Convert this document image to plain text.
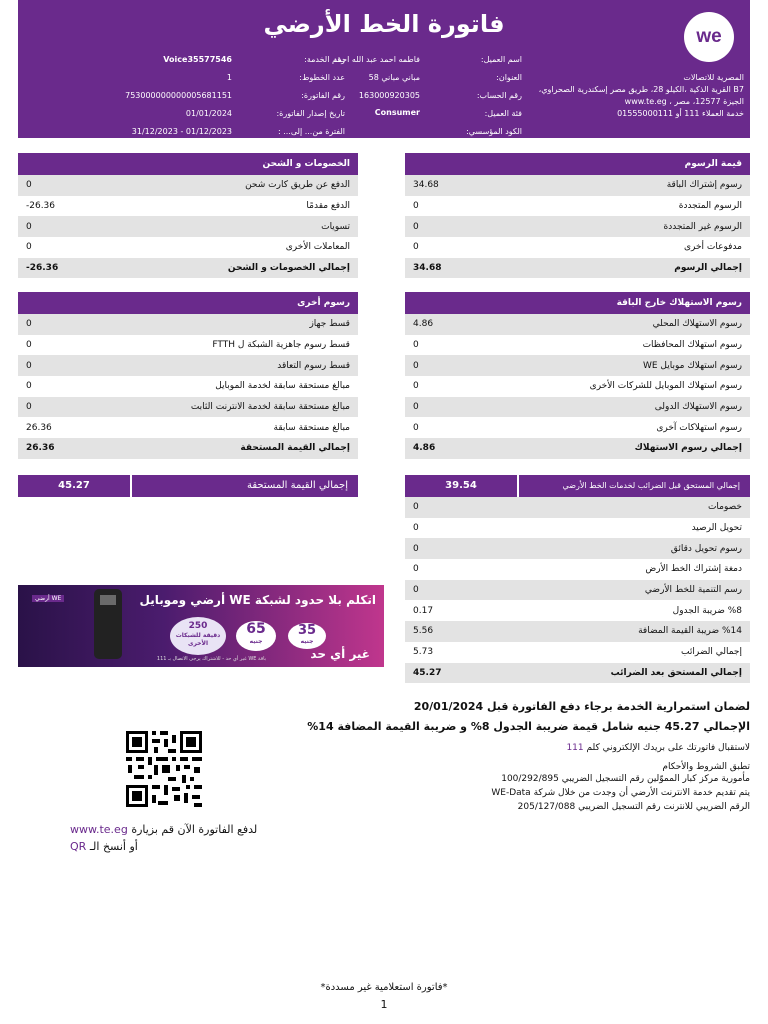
we
فاتورة الخط الأرضي
المصرية للاتصالات
B7 القرية الذكية ،الكيلو 28، طريق مصر إسكندرية الصحراوي،
الجيزة 12577، مصر ، www.te.eg
خدمة العملاء 111 أو 01555000111
اسم العميل:
العنوان:
رقم الحساب:
فئة العميل:
الكود المؤسسي:
فاطمه احمد عبد الله احمد
مباني مباني 58
163000920305
Consumer
رقم الخدمة:
عدد الخطوط:
رقم الفاتورة:
تاريخ إصدار الفاتورة:
الفترة من... إلى... :
Voice35577546
1
753000000000005681151
01/01/2024
01/12/2023 - 31/12/2023
قيمة الرسوم
رسوم إشتراك الباقة
34.68
الرسوم المتجددة
0
الرسوم غير المتجددة
0
مدفوعات أخرى
0
إجمالي الرسوم
34.68
الخصومات و الشحن
الدفع عن طريق كارت شحن
0
الدفع مقدمًا
-26.36
تسويات
0
المعاملات الأخرى
0
إجمالي الخصومات و الشحن
-26.36
رسوم الاستهلاك خارج الباقة
رسوم الاستهلاك المحلي
4.86
رسوم استهلاك المحافظات
0
رسوم استهلاك موبايل WE
0
رسوم استهلاك الموبايل للشركات الأخرى
0
رسوم الاستهلاك الدولى
0
رسوم استهلاكات آخرى
0
إجمالي رسوم الاستهلاك
4.86
رسوم أخرى
قسط جهاز
0
قسط رسوم جاهزية الشبكة ل FTTH
0
قسط رسوم التعاقد
0
مبالغ مستحقة سابقة لخدمة الموبايل
0
مبالغ مستحقة سابقة لخدمة الانترنت الثابت
0
مبالغ مستحقة سابقة
26.36
إجمالي القيمة المستحقة
26.36
إجمالي القيمة المستحقة
45.27	إجمالي المستحق قبل الضرائب لخدمات الخط الأرضي
39.54
خصومات
0
تحويل الرصيد
0
رسوم تحويل دقائق
0
دمغة إشتراك الخط الأرض
0
رسم التنمية للخط الأرضي
0
%8 ضريبة الجدول
0.17
%14 ضريبة القيمة المضافة
5.56
إجمالي الضرائب
5.73
إجمالي المستحق بعد الضرائب
45.27
اتكلم بلا حدود لشبكة WE أرضي وموبايل
غير أي حد
35
جنيه
65
جنيه
250
دقيقة للشبكات الأخرى
WE أرضي
باقة WE غير أي حد - للاشتراك يرجى الاتصال بـ 111
لضمان استمرارية الخدمة برجاء دفع الفاتورة قبل 20/01/2024
الإجمالي 45.27 جنيه شامل قيمة ضريبة الجدول 8% و ضريبة القيمة المضافة 14%
لاستقبال فاتورتك على بريدك الإلكتروني كلم 111
تطبق الشروط والأحكام
مأمورية مركز كبار المموّلين رقم التسجيل الضريبي 100/292/895
يتم تقديم خدمة الانترنت الأرضي أن وجدت من خلال شركة WE-Data
الرقم الضريبي للانترنت رقم التسجيل الضريبي 205/127/088
لدفع الفاتورة الآن قم بزيارة www.te.eg
أو أنسخ الـ QR
*فاتورة استعلامية غير مسددة*
1
